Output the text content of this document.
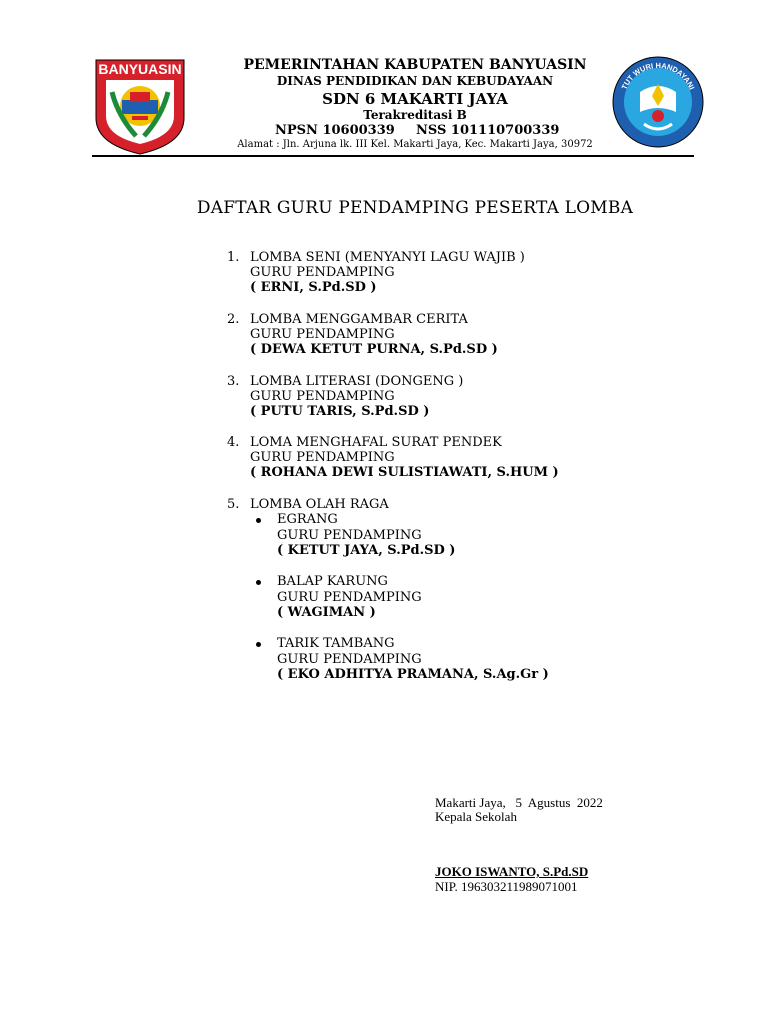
BANYUASIN
TUT WURI HANDAYANI
PEMERINTAHAN KABUPATEN BANYUASIN
DINAS PENDIDIKAN DAN KEBUDAYAAN
SDN 6 MAKARTI JAYA
Terakreditasi B
NPSN 10600339 NSS 101110700339
Alamat : Jln. Arjuna lk. III Kel. Makarti Jaya, Kec. Makarti Jaya, 30972
DAFTAR GURU PENDAMPING PESERTA LOMBA
1. LOMBA SENI (MENYANYI LAGU WAJIB )
GURU PENDAMPING
( ERNI, S.Pd.SD )
2. LOMBA MENGGAMBAR CERITA
GURU PENDAMPING
( DEWA KETUT PURNA, S.Pd.SD )
3. LOMBA LITERASI (DONGENG )
GURU PENDAMPING
( PUTU TARIS, S.Pd.SD )
4. LOMA MENGHAFAL SURAT PENDEK
GURU PENDAMPING
( ROHANA DEWI SULISTIAWATI, S.HUM )
5. LOMBA OLAH RAGA
EGRANG
GURU PENDAMPING
( KETUT JAYA, S.Pd.SD )
BALAP KARUNG
GURU PENDAMPING
( WAGIMAN )
TARIK TAMBANG
GURU PENDAMPING
( EKO ADHITYA PRAMANA, S.Ag.Gr )
Makarti Jaya,   5  Agustus  2022
Kepala Sekolah
JOKO ISWANTO, S.Pd.SD
NIP. 196303211989071001
